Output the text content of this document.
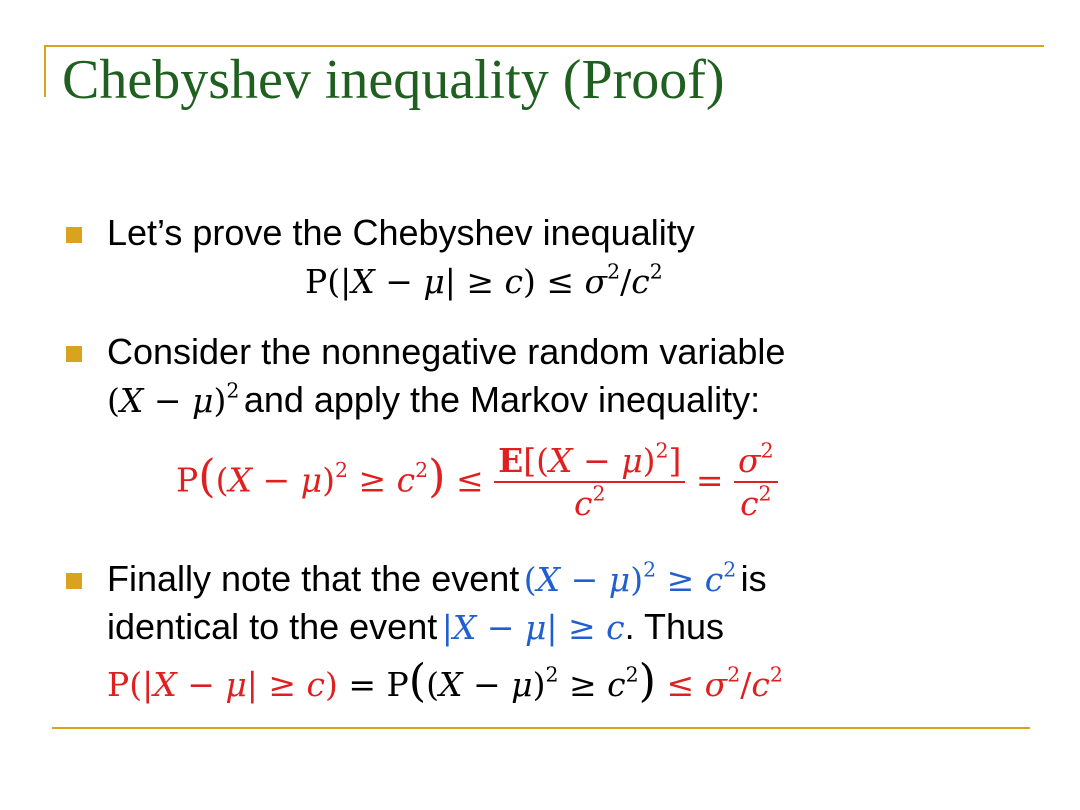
Chebyshev inequality (Proof)
Let’s prove the Chebyshev inequality
$P(|X - \mu| \ge c) \le \sigma^2/c^2$
Consider the nonnegative random variable
$(X - \mu)^2$ and apply the Markov inequality:
$P((X - \mu)^2 \ge c^2) \le \frac{E[(X - \mu)^2]}{c^2} = \frac{\sigma^2}{c^2}$
Finally note that the event $(X - \mu)^2 \ge c^2$ is
identical to the event |X − μ| ≥ c. Thus
$P(|X - \mu| \ge c) = P((X - \mu)^2 \ge c^2) \le \sigma^2/c^2$
